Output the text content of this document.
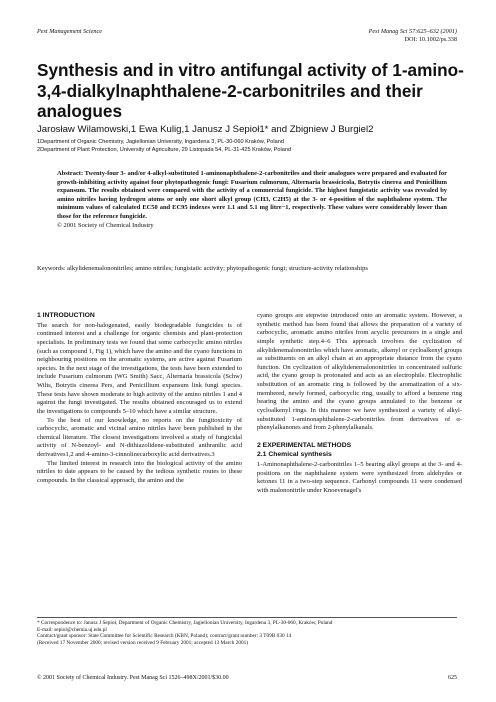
Pest Management Science	Pest Manag Sci 57:625–632 (2001)
DOI: 10.1002/ps.338
Synthesis and in vitro antifungal activity of 1-amino-3,4-dialkylnaphthalene-2-carbonitriles and their analogues
Jarosław Wilamowski,1 Ewa Kulig,1 Janusz J Sepioł1* and Zbigniew J Burgiel2
1Department of Organic Chemistry, Jagiellonian University, Ingardena 3, PL-30-060 Kraków, Poland
2Department of Plant Protection, University of Agriculture, 29 Listopada 54, PL-31-425 Kraków, Poland
Abstract: Twenty-four 3- and/or 4-alkyl-substituted 1-aminonaphthalene-2-carbonitriles and their analogues were prepared and evaluated for growth-inhibiting activity against four phytopathogenic fungi: Fusarium culmorum, Alternaria brassicicola, Botrytis cinerea and Penicillium expansum. The results obtained were compared with the activity of a commercial fungicide. The highest fungistatic activity was revealed by amino nitriles having hydrogen atoms or only one short alkyl group (CH3, C2H5) at the 3- or 4-position of the naphthalene system. The minimum values of calculated EC50 and EC95 indexes were 1.1 and 5.1 mg litre−1, respectively. These values were considerably lower than those for the reference fungicide.
© 2001 Society of Chemical Industry
Keywords: alkylidenemalononitriles; amino nitriles; fungistatic activity; phytopathogenic fungi; structure-activity relationships
1 INTRODUCTION

The search for non-halogenated, easily biodegradable fungicides is of continued interest and a challenge for organic chemists and plant-protection specialists. In preliminary tests we found that some carbocyclic amino nitriles (such as compound 1, Fig 1), which have the amino and the cyano functions in neighbouring positions on the aromatic systems, are active against Fusarium species. In the next stage of the investigations, the tests have been extended to include Fusarium culmorum (WG Smith) Sacc, Alternaria brassicola (Schw) Wilts, Botrytis cinerea Pers, and Penicillium expansum link fungi species. These tests have shown moderate to high activity of the amino nitriles 1 and 4 against the fungi investigated. The results obtained encouraged us to extend the investigations to compounds 5–10 which have a similar structure.

To the best of our knowledge, no reports on the fungitoxicity of carbocyclic, aromatic and vicinal amino nitriles have been published in the chemical literature. The closest investigations involved a study of fungicidal activity of N-benzoyl- and N-dithiazolidene-substituted anthranilic acid derivatives1,2 and 4-amino-3-cinnolinecarboxylic acid derivatives.3

The limited interest in research into the biological activity of the amino nitriles to date appears to be caused by the tedious synthetic routes to these compounds. In the classical approach, the amino and the

cyano groups are stepwise introduced onto an aromatic system. However, a synthetic method has been found that allows the preparation of a variety of carbocyclic, aromatic amino nitriles from acyclic precursors in a single and simple synthetic step.4–6 This approach involves the cyclization of alkylidenemalononitriles which have aromatic, alkenyl or cycloalkenyl groups as substituents on an alkyl chain at an appropriate distance from the cyano function. On cyclization of alkylidenemalononitriles in concentrated sulfuric acid, the cyano group is protonated and acts as an electrophile. Electrophilic substitution of an aromatic ring is followed by the aromatization of a six-membered, newly formed, carbocyclic ring, usually to afford a benzene ring bearing the amino and the cyano groups annulated to the benzene or cycloalkenyl rings. In this manner we have synthesized a variety of alkyl-substituted 1-aminonaphthalene-2-carbonitriles from derivatives of α-phenylalkanones and from 2-phenylalkanals.

2 EXPERIMENTAL METHODS
2.1 Chemical synthesis

1-Aminonaphthalene-2-carbonitriles 1–5 bearing alkyl groups at the 3- and 4-positions on the naphthalene system were synthesized from aldehydes or ketones 11 in a two-step sequence. Carbonyl compounds 11 were condensed with malononitrile under Knoevenagel's

* Correspondence to: Janusz J Sepioł, Department of Organic Chemistry, Jagiellonian University, Ingardena 3, PL-30-060, Kraków, Poland
E-mail: sepiol@chemia.uj.edu.pl
Contract/grant sponsor: State Committee for Scientific Research (KBN, Poland); contract/grant number: 3 T09B 030 14
(Received 17 November 2000; revised version received 9 February 2001; accepted 13 March 2001)
© 2001 Society of Chemical Industry. Pest Manag Sci 1526–498X/2001/$30.00	625
